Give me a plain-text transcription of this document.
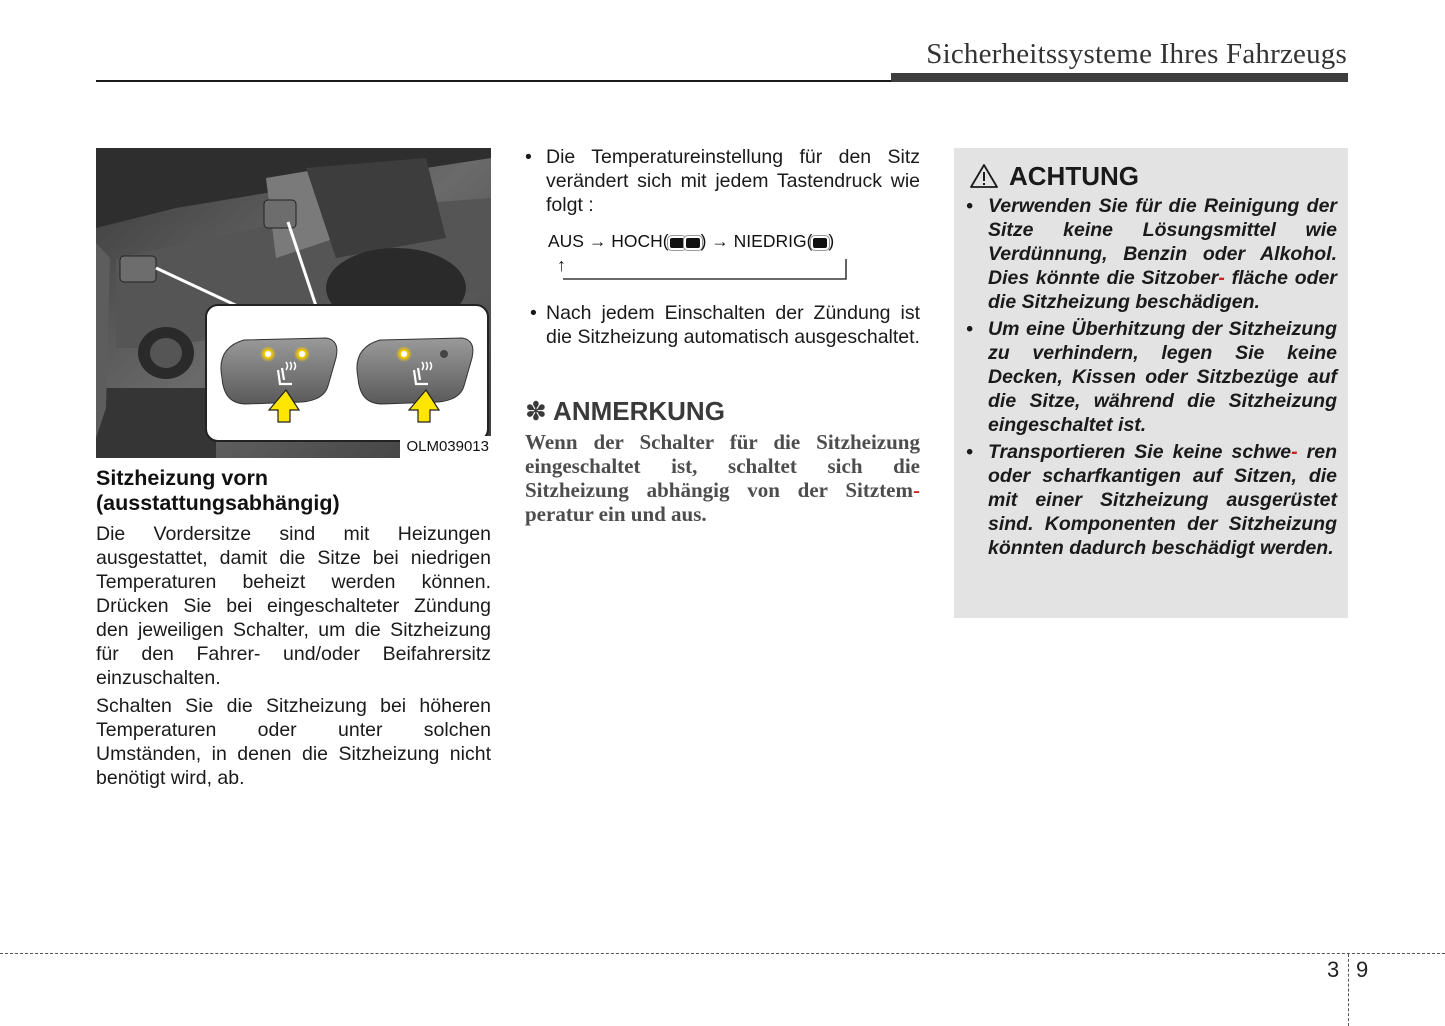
Sicherheitssysteme Ihres Fahrzeugs
OLM039013
Sitzheizung vorn (ausstattungsabhängig)

Die Vordersitze sind mit Heizungen ausgestattet, damit die Sitze bei niedrigen Temperaturen beheizt werden können. Drücken Sie bei eingeschalteter Zündung den jeweiligen Schalter, um die Sitzheizung für den Fahrer- und/oder Beifahrersitz einzuschalten.

Schalten Sie die Sitzheizung bei höheren Temperaturen oder unter solchen Umständen, in denen die Sitzheizung nicht benötigt wird, ab.

• Die Temperatureinstellung für den Sitz verändert sich mit jedem Tastendruck wie folgt :
AUS → HOCH( ) → NIEDRIG( )
↑
• Nach jedem Einschalten der Zündung ist die Sitzheizung automatisch ausgeschaltet.
✽ ANMERKUNG
Wenn der Schalter für die Sitzheizung eingeschaltet ist, schaltet sich die Sitzheizung abhängig von der Sitztem- peratur ein und aus.
ACHTUNG
• Verwenden Sie für die Reinigung der Sitze keine Lösungsmittel wie Verdünnung, Benzin oder Alkohol. Dies könnte die Sitzober- fläche oder die Sitzheizung beschädigen.
• Um eine Überhitzung der Sitzheizung zu verhindern, legen Sie keine Decken, Kissen oder Sitzbezüge auf die Sitze, während die Sitzheizung eingeschaltet ist.
• Transportieren Sie keine schwe- ren oder scharfkantigen auf Sitzen, die mit einer Sitzheizung ausgerüstet sind. Komponenten der Sitzheizung könnten dadurch beschädigt werden.
3 9
